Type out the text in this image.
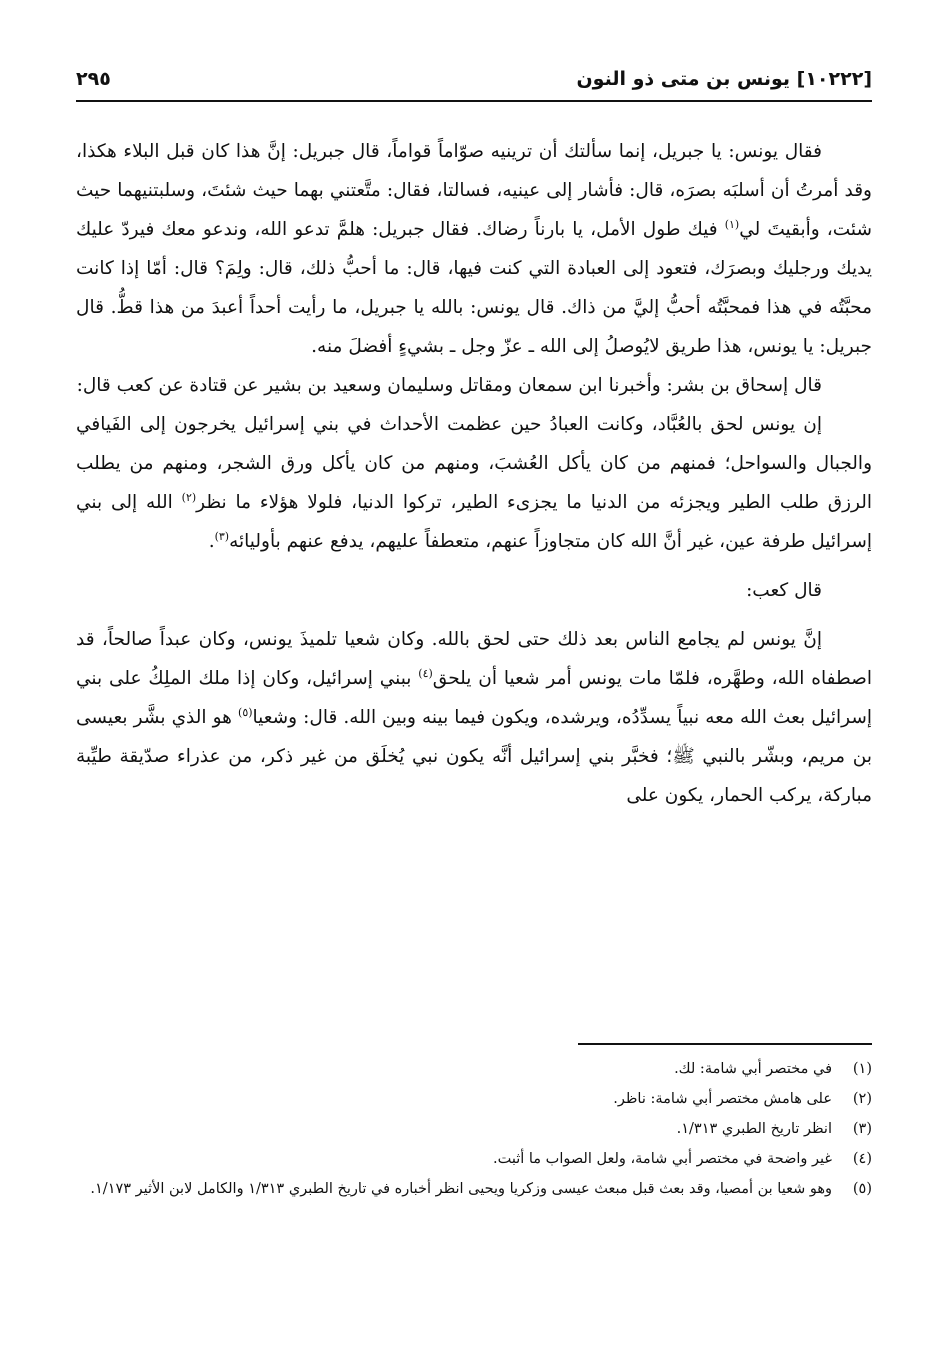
[١٠٢٢٢] يونس بن متى ذو النون
٢٩٥

فقال يونس: يا جبريل، إنما سألتك أن ترينيه صوّاماً قواماً، قال جبريل: إنَّ هذا كان قبل البلاء هكذا، وقد أمرتُ أن أسلبَه بصرَه، قال: فأشار إلى عينيه، فسالتا، فقال: متَّعتني بهما حيث شئتَ، وسلبتنيهما حيث شئت، وأبقيتَ لي$^{(١)}$ فيك طول الأمل، يا بارناً رضاك. فقال جبريل: هلمَّ تدعو الله، وندعو معك فيردّ عليك يديك ورجليك وبصرَك، فتعود إلى العبادة التي كنت فيها، قال: ما أحبُّ ذلك، قال: ولِمَ؟ قال: أمّا إذا كانت محبَّتُه في هذا فمحبَّتُه أحبُّ إليَّ من ذاك. قال يونس: بالله يا جبريل، ما رأيت أحداً أعبدَ من هذا قطُّ. قال جبريل: يا يونس، هذا طريق لايُوصلُ إلى الله ـ عزّ وجل ـ بشيءٍ أفضلَ منه.

قال إسحاق بن بشر: وأخبرنا ابن سمعان ومقاتل وسليمان وسعيد بن بشير عن قتادة عن كعب قال:

إن يونس لحق بالعُبَّاد، وكانت العبادُ حين عظمت الأحداث في بني إسرائيل يخرجون إلى الفَيافي والجبال والسواحل؛ فمنهم من كان يأكل العُشبَ، ومنهم من كان يأكل ورق الشجر، ومنهم من يطلب الرزق طلب الطير ويجزئه من الدنيا ما يجزىء الطير، تركوا الدنيا، فلولا هؤلاء ما نظر$^{(٢)}$ الله إلى بني إسرائيل طرفة عين، غير أنَّ الله كان متجاوزاً عنهم، متعطفاً عليهم، يدفع عنهم بأوليائه$^{(٣)}$.

قال كعب:

إنَّ يونس لم يجامع الناس بعد ذلك حتى لحق بالله. وكان شعيا تلميذَ يونس، وكان عبداً صالحاً، قد اصطفاه الله، وطهَّره، فلمّا مات يونس أمر شعيا أن يلحق$^{(٤)}$ ببني إسرائيل، وكان إذا ملك الملِكُ على بني إسرائيل بعث الله معه نبياً يسدِّدُه، ويرشده، ويكون فيما بينه وبين الله. قال: وشعيا$^{(٥)}$ هو الذي بشَّر بعيسى بن مريم، وبشّر بالنبي ﷺ؛ فخبَّر بني إسرائيل أنَّه يكون نبي يُخلَق من غير ذكر، من عذراء صدّيقة طيِّبة مباركة، يركب الحمار، يكون على

(١)
في مختصر أبي شامة: لك.
(٢)
على هامش مختصر أبي شامة: ناظر.
(٣)
انظر تاريخ الطبري ١/٣١٣.
(٤)
غير واضحة في مختصر أبي شامة، ولعل الصواب ما أثبت.
(٥)
وهو شعيا بن أمصيا، وقد بعث قبل مبعث عيسى وزكريا ويحيى انظر أخباره في تاريخ الطبري ١/٣١٣ والكامل لابن الأثير ١/١٧٣.
